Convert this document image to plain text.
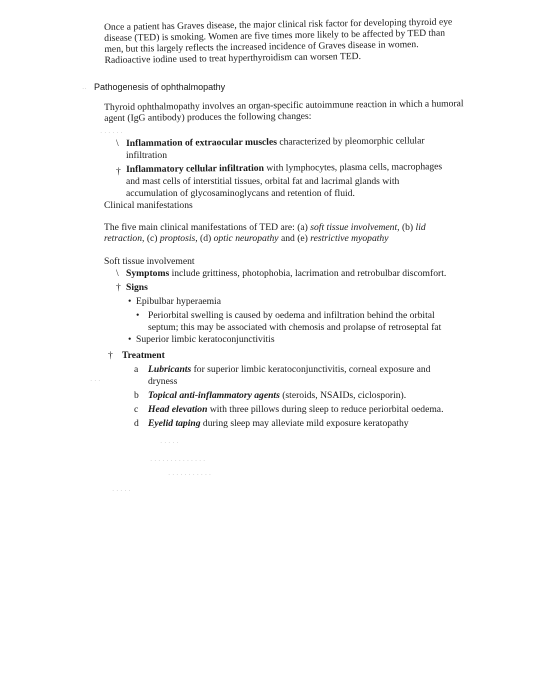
Once a patient has Graves disease, the major clinical risk factor for developing thyroid eye disease (TED) is smoking. Women are five times more likely to be affected by TED than men, but this largely reflects the increased incidence of Graves disease in women. Radioactive iodine used to treat hyperthyroidism can worsen TED.
·· Pathogenesis of ophthalmopathy
Thyroid ophthalmopathy involves an organ-specific autoimmune reaction in which a humoral agent (IgG antibody) produces the following changes:
\ Inflammation of extraocular muscles characterized by pleomorphic cellular
infiltration
† Inflammatory cellular infiltration with lymphocytes, plasma cells, macrophages
and mast cells of interstitial tissues, orbital fat and lacrimal glands with
accumulation of glycosaminoglycans and retention of fluid.
Clinical manifestations
The five main clinical manifestations of TED are: (a) soft tissue involvement, (b) lid retraction, (c) proptosis, (d) optic neuropathy and (e) restrictive myopathy
Soft tissue involvement
\ Symptoms include grittiness, photophobia, lacrimation and retrobulbar discomfort.
† Signs
• Epibulbar hyperaemia
• Periorbital swelling is caused by oedema and infiltration behind the orbital
septum; this may be associated with chemosis and prolapse of retroseptal fat
• Superior limbic keratoconjunctivitis
† Treatment
a Lubricants for superior limbic keratoconjunctivitis, corneal exposure and
dryness
b Topical anti-inflammatory agents (steroids, NSAIDs, ciclosporin).
c Head elevation with three pillows during sleep to reduce periorbital oedema.
d Eyelid taping during sleep may alleviate mild exposure keratopathy
· · · · · ·
· · ·
· · · · ·
· · · · · · · · · · · · · ·
· · · · · · · · · · ·
· · · · ·
